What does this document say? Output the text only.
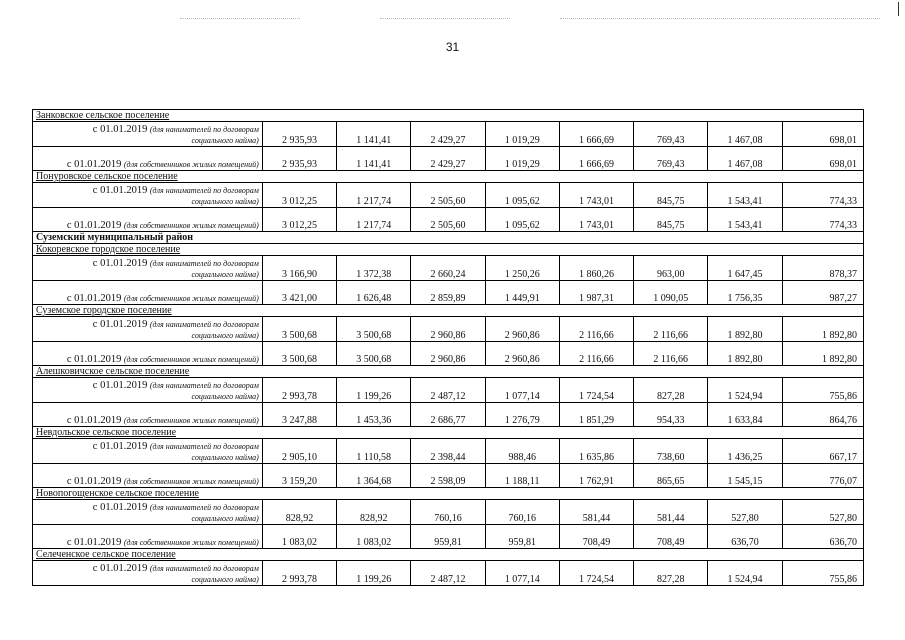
31
Занковское сельское поселение								
с 01.01.2019 (для нанимателей по договорам
социального найма)	2 935,93	1 141,41	2 429,27	1 019,29	1 666,69	769,43	1 467,08	698,01
с 01.01.2019 (для собственников жилых помещений)	2 935,93	1 141,41	2 429,27	1 019,29	1 666,69	769,43	1 467,08	698,01
Понуровское сельское поселение								
с 01.01.2019 (для нанимателей по договорам
социального найма)	3 012,25	1 217,74	2 505,60	1 095,62	1 743,01	845,75	1 543,41	774,33
с 01.01.2019 (для собственников жилых помещений)	3 012,25	1 217,74	2 505,60	1 095,62	1 743,01	845,75	1 543,41	774,33
Суземский муниципальный район								
Кокоревское городское поселение								
с 01.01.2019 (для нанимателей по договорам
социального найма)	3 166,90	1 372,38	2 660,24	1 250,26	1 860,26	963,00	1 647,45	878,37
с 01.01.2019 (для собственников жилых помещений)	3 421,00	1 626,48	2 859,89	1 449,91	1 987,31	1 090,05	1 756,35	987,27
Суземское городское поселение								
с 01.01.2019 (для нанимателей по договорам
социального найма)	3 500,68	3 500,68	2 960,86	2 960,86	2 116,66	2 116,66	1 892,80	1 892,80
с 01.01.2019 (для собственников жилых помещений)	3 500,68	3 500,68	2 960,86	2 960,86	2 116,66	2 116,66	1 892,80	1 892,80
Алешковичское сельское поселение								
с 01.01.2019 (для нанимателей по договорам
социального найма)	2 993,78	1 199,26	2 487,12	1 077,14	1 724,54	827,28	1 524,94	755,86
с 01.01.2019 (для собственников жилых помещений)	3 247,88	1 453,36	2 686,77	1 276,79	1 851,29	954,33	1 633,84	864,76
Невдольское сельское поселение								
с 01.01.2019 (для нанимателей по договорам
социального найма)	2 905,10	1 110,58	2 398,44	988,46	1 635,86	738,60	1 436,25	667,17
с 01.01.2019 (для собственников жилых помещений)	3 159,20	1 364,68	2 598,09	1 188,11	1 762,91	865,65	1 545,15	776,07
Новопогощенское сельское поселение								
с 01.01.2019 (для нанимателей по договорам
социального найма)	828,92	828,92	760,16	760,16	581,44	581,44	527,80	527,80
с 01.01.2019 (для собственников жилых помещений)	1 083,02	1 083,02	959,81	959,81	708,49	708,49	636,70	636,70
Селеченское сельское поселение								
с 01.01.2019 (для нанимателей по договорам
социального найма)	2 993,78	1 199,26	2 487,12	1 077,14	1 724,54	827,28	1 524,94	755,86
